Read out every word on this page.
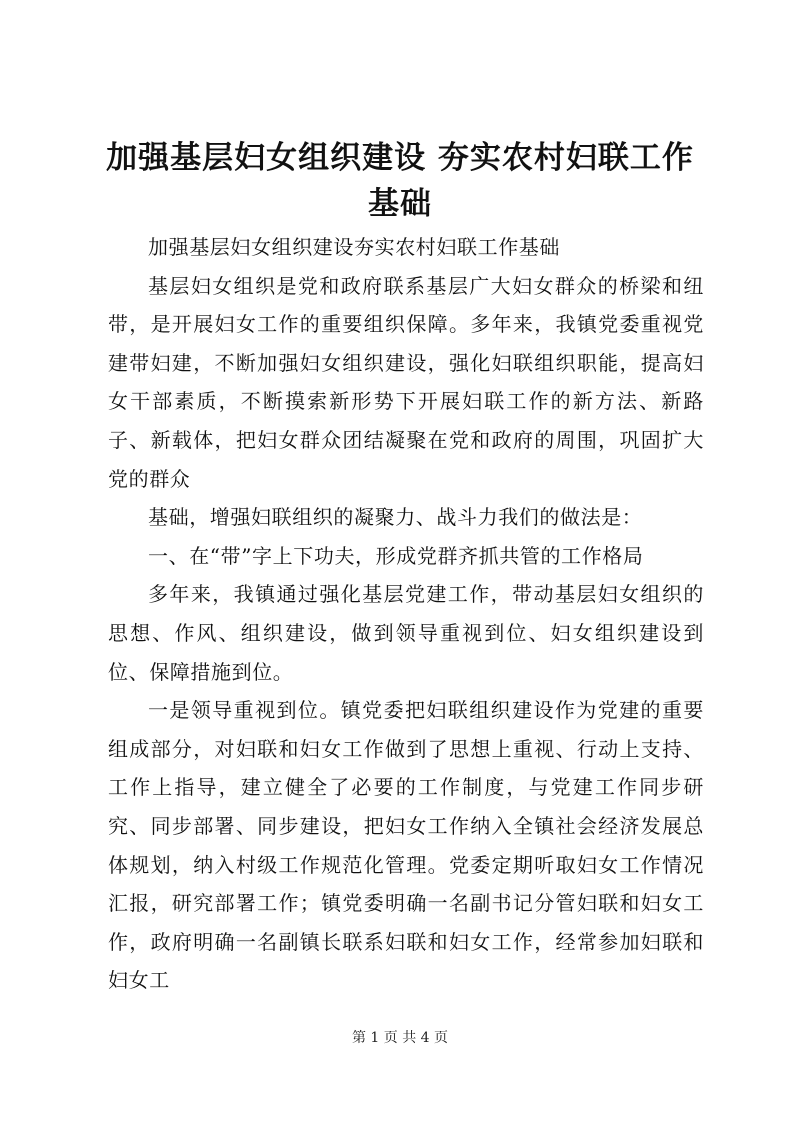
加强基层妇女组织建设 夯实农村妇联工作基础

加强基层妇女组织建设夯实农村妇联工作基础

基层妇女组织是党和政府联系基层广大妇女群众的桥梁和纽带，是开展妇女工作的重要组织保障。多年来，我镇党委重视党建带妇建，不断加强妇女组织建设，强化妇联组织职能，提高妇女干部素质，不断摸索新形势下开展妇联工作的新方法、新路子、新载体，把妇女群众团结凝聚在党和政府的周围，巩固扩大党的群众

基础，增强妇联组织的凝聚力、战斗力我们的做法是：

一、在“带”字上下功夫，形成党群齐抓共管的工作格局

多年来，我镇通过强化基层党建工作，带动基层妇女组织的思想、作风、组织建设，做到领导重视到位、妇女组织建设到位、保障措施到位。

一是领导重视到位。镇党委把妇联组织建设作为党建的重要组成部分，对妇联和妇女工作做到了思想上重视、行动上支持、工作上指导，建立健全了必要的工作制度，与党建工作同步研究、同步部署、同步建设，把妇女工作纳入全镇社会经济发展总体规划，纳入村级工作规范化管理。党委定期听取妇女工作情况汇报，研究部署工作；镇党委明确一名副书记分管妇联和妇女工作，政府明确一名副镇长联系妇联和妇女工作，经常参加妇联和妇女工

第 1 页 共 4 页
